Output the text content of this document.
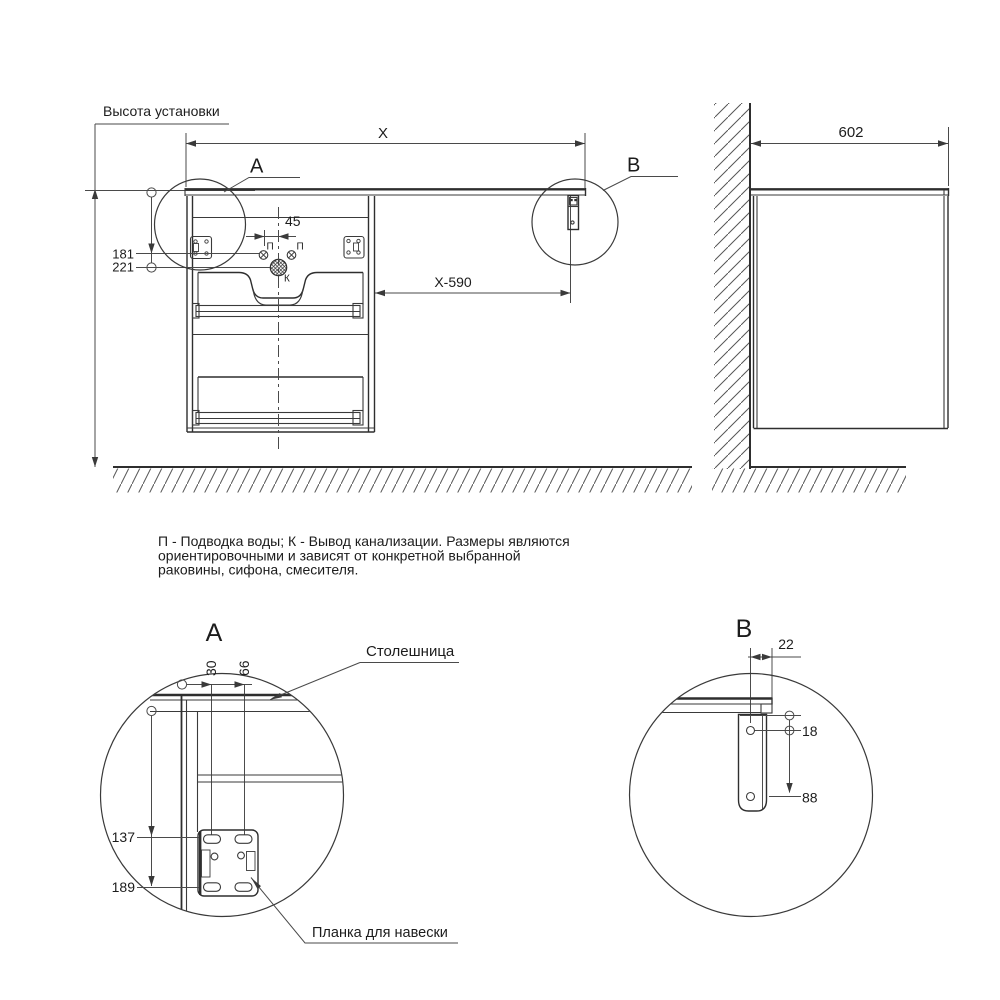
Высота установки
X
П П
К
45
181
221
X-590
А	В
602
П - Подводка воды; К - Вывод канализации. Размеры являются
ориентировочными и зависят от конкретной выбранной
раковины, сифона, смесителя.
А
30 66
137
189
Столешница
Планка для навески
В
22
18
88
